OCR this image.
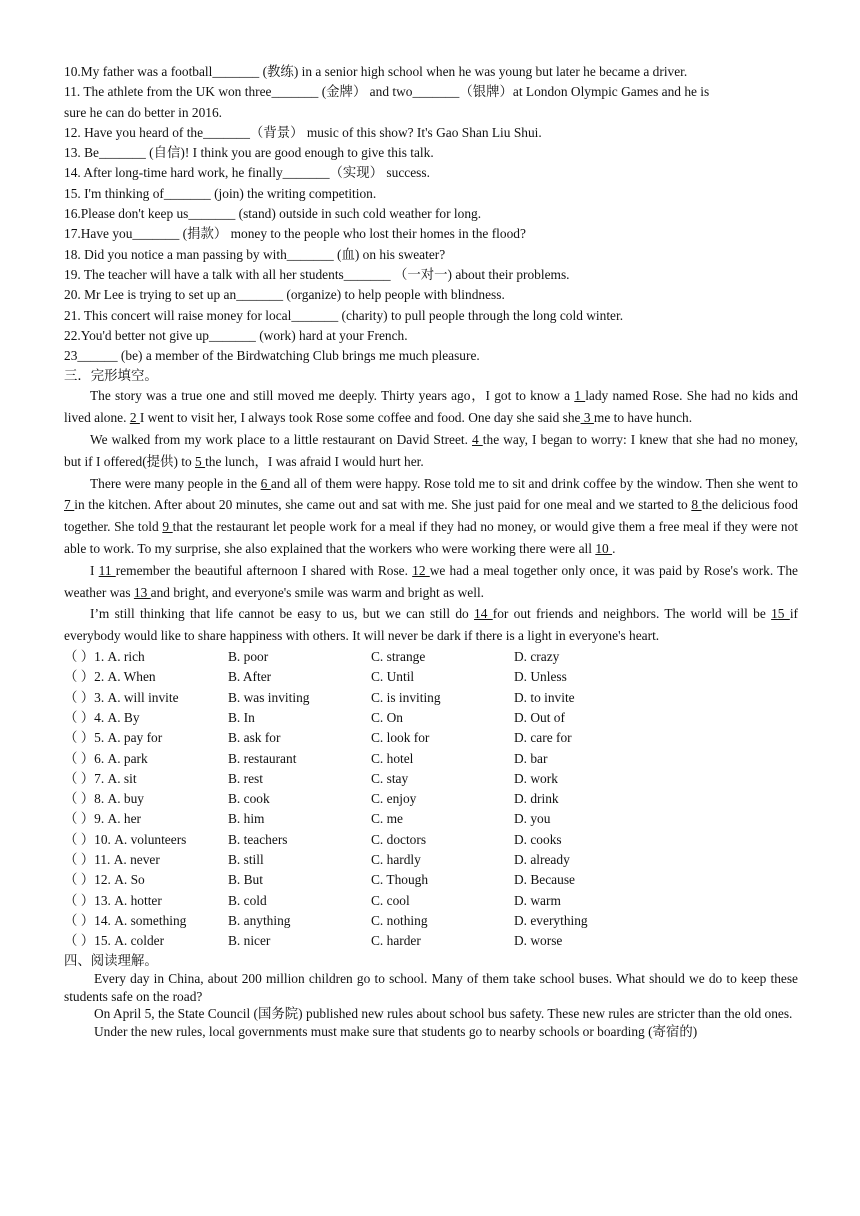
10.My father was a football_______ (教练) in a senior high school when he was young but later he became a driver.
11. The athlete from the UK won three_______ (金牌） and two_______（银牌）at London Olympic Games and he is
sure he can do better in 2016.
12. Have you heard of the_______（背景） music of this show? It's Gao Shan Liu Shui.
13. Be_______ (自信)! I think you are good enough to give this talk.
14. After long-time hard work, he finally_______（实现） success.
15. I'm thinking of_______ (join) the writing competition.
16.Please don't keep us_______ (stand) outside in such cold weather for long.
17.Have you_______ (捐款） money to the people who lost their homes in the flood?
18. Did you notice a man passing by with_______ (血) on his sweater?
19. The teacher will have a talk with all her students_______ （一对一) about their problems.
20. Mr Lee is trying to set up an_______ (organize) to help people with blindness.
21. This concert will raise money for local_______ (charity) to pull people through the long cold winter.
22.You'd better not give up_______ (work) hard at your French.
23______ (be) a member of the Birdwatching Club brings me much pleasure.
三．完形填空。
The story was a true one and still moved me deeply. Thirty years ago，I got to know a 1 lady named Rose. She had no kids and lived alone. 2 I went to visit her, I always took Rose some coffee and food. One day she said she 3 me to have hunch.
We walked from my work place to a little restaurant on David Street. 4 the way, I began to worry: I knew that she had no money, but if I offered(提供) to 5 the lunch，I was afraid I would hurt her.
There were many people in the 6 and all of them were happy. Rose told me to sit and drink coffee by the window. Then she went to 7 in the kitchen. After about 20 minutes, she came out and sat with me. She just paid for one meal and we started to 8 the delicious food together. She told 9 that the restaurant let people work for a meal if they had no money, or would give them a free meal if they were not able to work. To my surprise, she also explained that the workers who were working there were all 10 .
I 11 remember the beautiful afternoon I shared with Rose. 12 we had a meal together only once, it was paid by Rose's work. The weather was 13 and bright, and everyone's smile was warm and bright as well.
I’m still thinking that life cannot be easy to us, but we can still do 14 for out friends and neighbors. The world will be 15 if everybody would like to share happiness with others. It will never be dark if there is a light in everyone's heart.
（ ）1. A. rich	B. poor	C. strange	D. crazy
（ ）2. A. When	B. After	C. Until	D. Unless
（ ）3. A. will invite	B. was inviting	C. is inviting	D. to invite
（ ）4. A. By	B. In	C. On	D. Out of
（ ）5. A. pay for	B. ask for	C. look for	D. care for
（ ）6. A. park	B. restaurant	C. hotel	D. bar
（ ）7. A. sit	B. rest	C. stay	D. work
（ ）8. A. buy	B. cook	C. enjoy	D. drink
（ ）9. A. her	B. him	C. me	D. you
（ ）10. A. volunteers	B. teachers	C. doctors	D. cooks
（ ）11. A. never	B. still	C. hardly	D. already
（ ）12. A. So	B. But	C. Though	D. Because
（ ）13. A. hotter	B. cold	C. cool	D. warm
（ ）14. A. something	B. anything	C. nothing	D. everything
（ ）15. A. colder	B. nicer	C. harder	D. worse
四、阅读理解。

Every day in China, about 200 million children go to school. Many of them take school buses. What should we do to keep these students safe on the road?

On April 5, the State Council (国务院) published new rules about school bus safety. These new rules are stricter than the old ones.

Under the new rules, local governments must make sure that students go to nearby schools or boarding (寄宿的)
